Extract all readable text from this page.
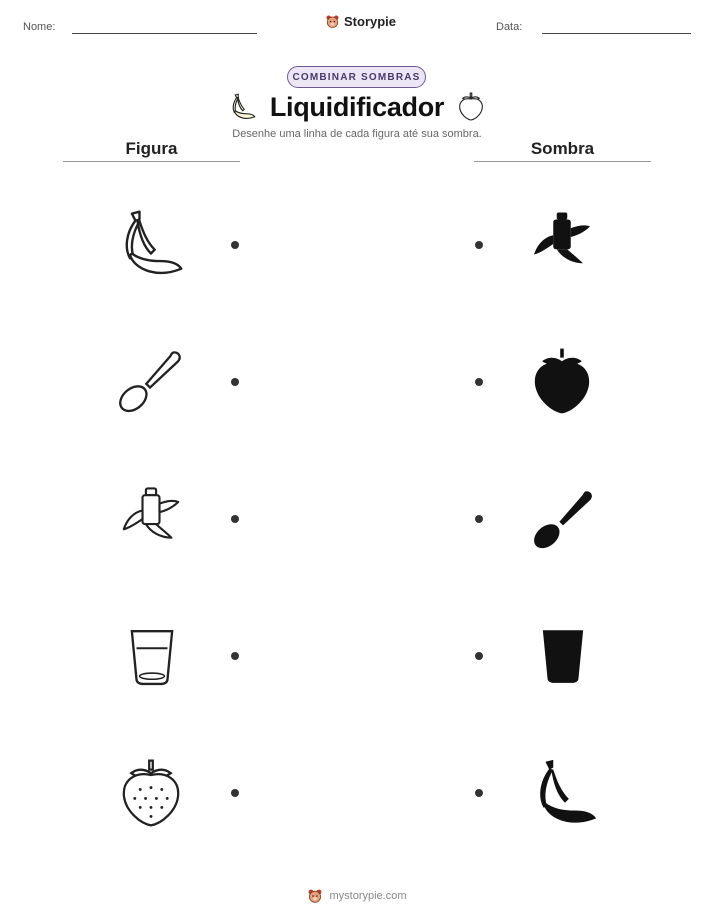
Nome:	Storypie	Data:
COMBINAR SOMBRAS
Liquidificador
Desenhe uma linha de cada figura até sua sombra.
Figura	Sombra
mystorypie.com
